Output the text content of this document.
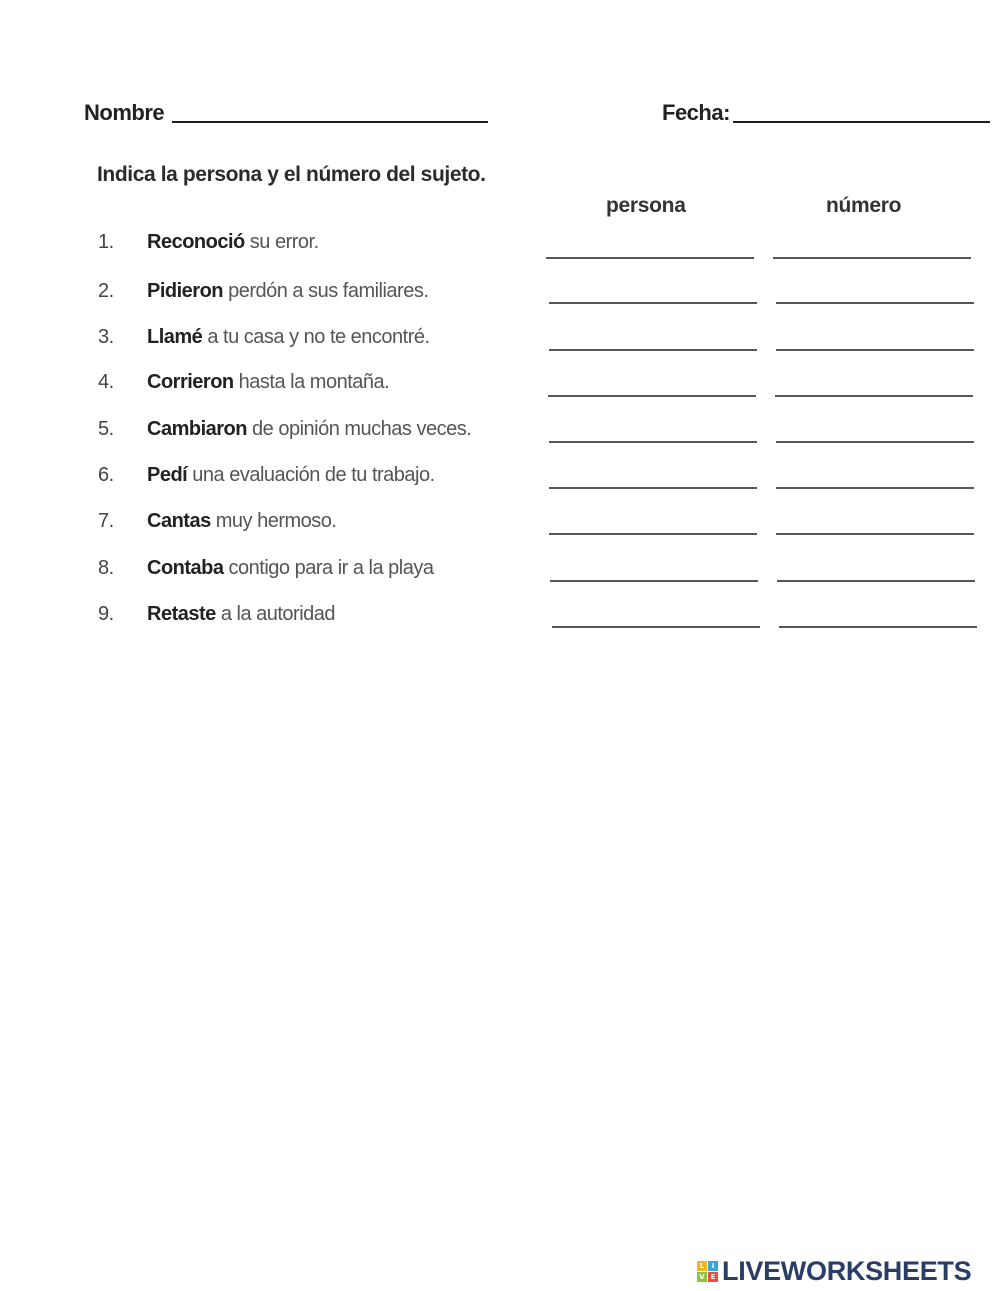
Nombre	Fecha:
Indica la persona y el número del sujeto.
persona	número
1.	Reconoció su error.
2.	Pidieron perdón a sus familiares.
3.	Llamé a tu casa y no te encontré.
4.	Corrieron hasta la montaña.
5.	Cambiaron de opinión muchas veces.
6.	Pedí una evaluación de tu trabajo.
7.	Cantas muy hermoso.
8.	Contaba contigo para ir a la playa
9.	Retaste a la autoridad
L	I
V E LIVEWORKSHEETS
